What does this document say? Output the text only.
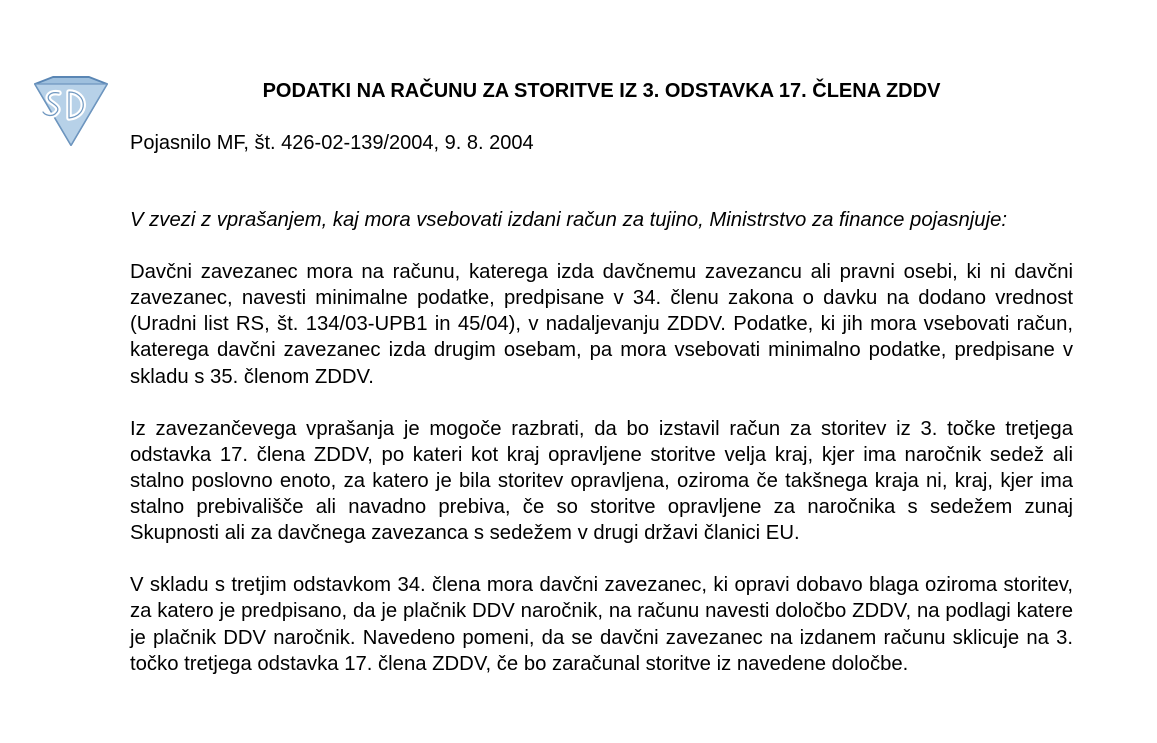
PODATKI NA RAČUNU ZA STORITVE IZ 3. ODSTAVKA 17. ČLENA ZDDV

Pojasnilo MF, št. 426-02-139/2004, 9. 8. 2004

V zvezi z vprašanjem, kaj mora vsebovati izdani račun za tujino, Ministrstvo za finance pojasnjuje:

Davčni zavezanec mora na računu, katerega izda davčnemu zavezancu ali pravni osebi, ki ni davčni zavezanec, navesti minimalne podatke, predpisane v 34. členu zakona o davku na dodano vrednost (Uradni list RS, št. 134/03-UPB1 in 45/04), v nadaljevanju ZDDV. Podatke, ki jih mora vsebovati račun, katerega davčni zavezanec izda drugim osebam, pa mora vsebovati minimalno podatke, predpisane v skladu s 35. členom ZDDV.

Iz zavezančevega vprašanja je mogoče razbrati, da bo izstavil račun za storitev iz 3. točke tretjega odstavka 17. člena ZDDV, po kateri kot kraj opravljene storitve velja kraj, kjer ima naročnik sedež ali stalno poslovno enoto, za katero je bila storitev opravljena, oziroma če takšnega kraja ni, kraj, kjer ima stalno prebivališče ali navadno prebiva, če so storitve opravljene za naročnika s sedežem zunaj Skupnosti ali za davčnega zavezanca s sedežem v drugi državi članici EU.

V skladu s tretjim odstavkom 34. člena mora davčni zavezanec, ki opravi dobavo blaga oziroma storitev, za katero je predpisano, da je plačnik DDV naročnik, na računu navesti določbo ZDDV, na podlagi katere je plačnik DDV naročnik. Navedeno pomeni, da se davčni zavezanec na izdanem računu sklicuje na 3. točko tretjega odstavka 17. člena ZDDV, če bo zaračunal storitve iz navedene določbe.
